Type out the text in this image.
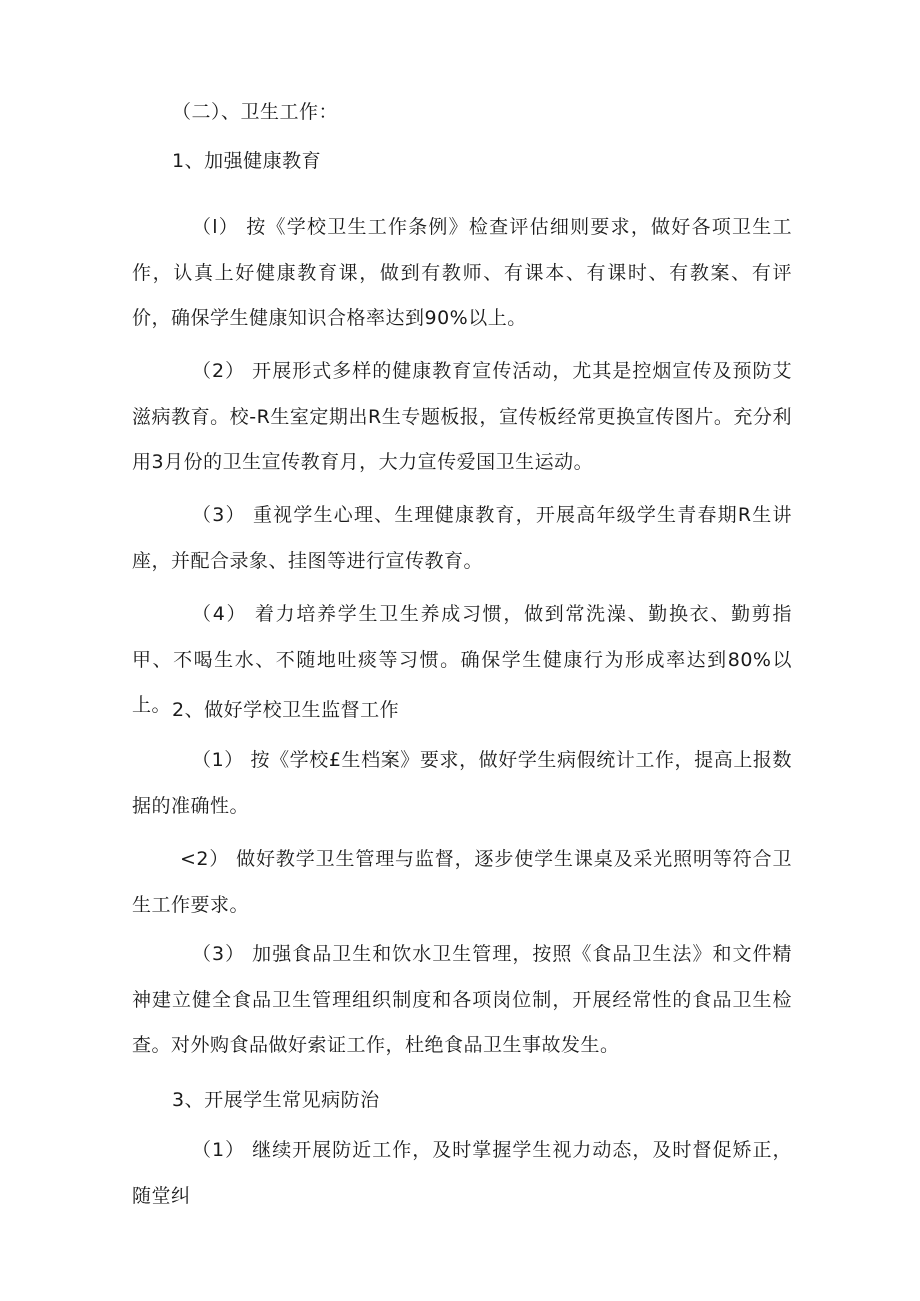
（二）、卫生工作：

1、加强健康教育

（l） 按《学校卫生工作条例》检查评估细则要求，做好各项卫生工作，认真上好健康教育课，做到有教师、有课本、有课时、有教案、有评价，确保学生健康知识合格率达到90%以上。

（2） 开展形式多样的健康教育宣传活动，尤其是控烟宣传及预防艾滋病教育。校-R生室定期出R生专题板报，宣传板经常更换宣传图片。充分利用3月份的卫生宣传教育月，大力宣传爱国卫生运动。

（3） 重视学生心理、生理健康教育，开展高年级学生青春期R生讲座，并配合录象、挂图等进行宣传教育。

（4） 着力培养学生卫生养成习惯，做到常洗澡、勤换衣、勤剪指甲、不喝生水、不随地吐痰等习惯。确保学生健康行为形成率达到80%以上。 2、做好学校卫生监督工作

（1） 按《学校£生档案》要求，做好学生病假统计工作，提高上报数据的准确性。

<2） 做好教学卫生管理与监督，逐步使学生课桌及采光照明等符合卫生工作要求。

（3） 加强食品卫生和饮水卫生管理，按照《食品卫生法》和文件精神建立健全食品卫生管理组织制度和各项岗位制，开展经常性的食品卫生检查。对外购食品做好索证工作，杜绝食品卫生事故发生。

3、开展学生常见病防治

（1） 继续开展防近工作，及时掌握学生视力动态，及时督促矫正，随堂纠
